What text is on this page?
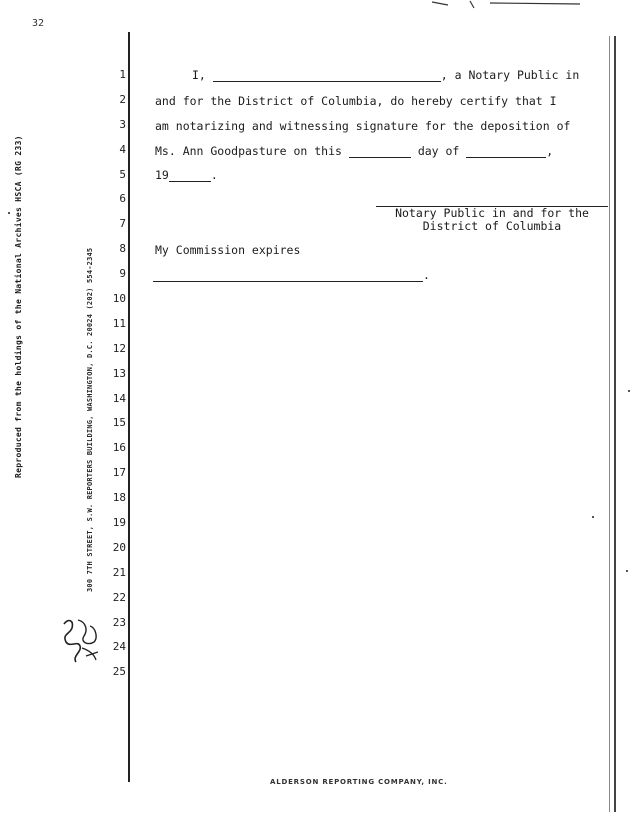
32
Reproduced from the holdings of the National Archives HSCA (RG 233)	300 7TH STREET, S.W. REPORTERS BUILDING, WASHINGTON, D.C. 20024 (202) 554-2345
1
2
3
4
5
6
7
8
9
10
11
12
13
14
15
16
17
18
19
20
21
22
23
24
25
I,	, a Notary Public in
and for the District of Columbia, do hereby certify that I
am notarizing and witnessing signature for the deposition of
Ms. Ann Goodpasture on this	day of	,
19	.
Notary Public in and for the
District of Columbia
My Commission expires
.
ALDERSON REPORTING COMPANY, INC.
